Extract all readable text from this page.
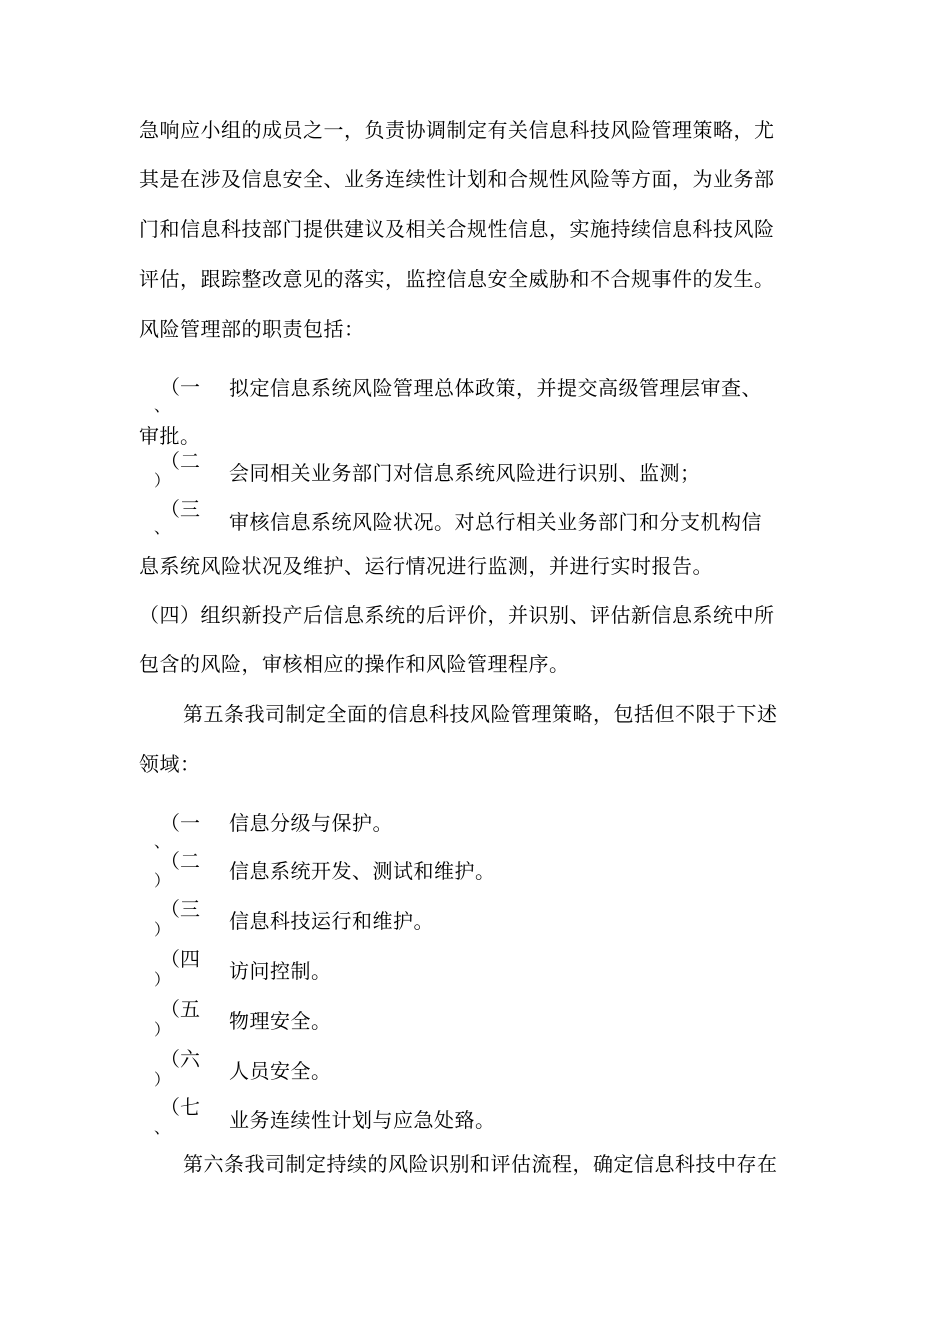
急响应小组的成员之一，负责协调制定有关信息科技风险管理策略，尤
其是在涉及信息安全、业务连续性计划和合规性风险等方面，为业务部
门和信息科技部门提供建议及相关合规性信息，实施持续信息科技风险
评估，跟踪整改意见的落实，监控信息安全威胁和不合规事件的发生。
风险管理部的职责包括：
（一
、
拟定信息系统风险管理总体政策，并提交高级管理层审查、
审批。
（二
）	会同相关业务部门对信息系统风险进行识别、监测；
（三
、	审核信息系统风险状况。对总行相关业务部门和分支机构信
息系统风险状况及维护、运行情况进行监测，并进行实时报告。
（四）组织新投产后信息系统的后评价，并识别、评估新信息系统中所
包含的风险，审核相应的操作和风险管理程序。
第五条我司制定全面的信息科技风险管理策略，包括但不限于下述
领域：
（一
、
信息分级与保护。
（二
）	信息系统开发、测试和维护。
（三
）	信息科技运行和维护。
（四
）	访问控制。
（五
）	物理安全。
（六
）	人员安全。
（七
、	业务连续性计划与应急处臵。
第六条我司制定持续的风险识别和评估流程，确定信息科技中存在
